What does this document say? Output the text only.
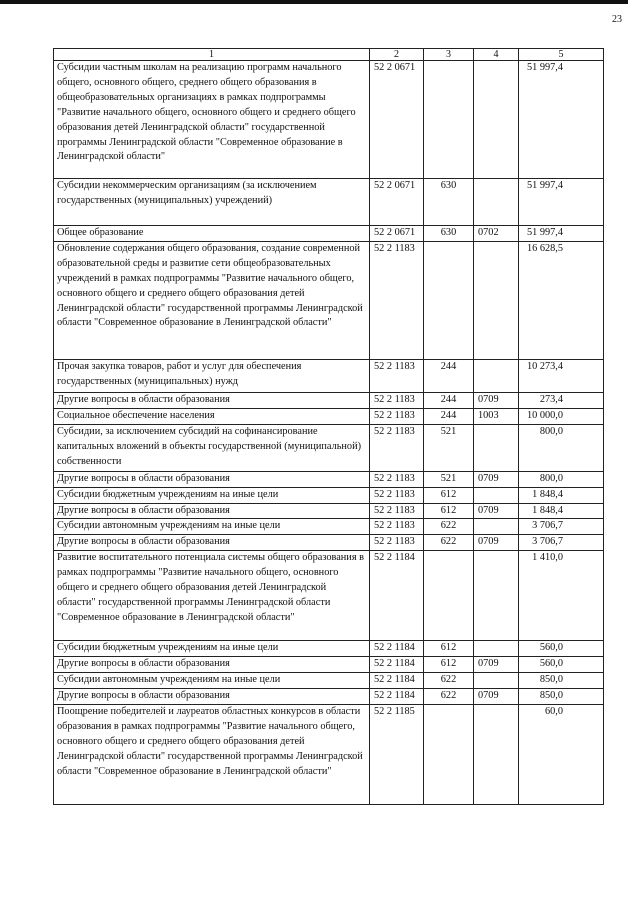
23
1	2	3	4	5
Субсидии частным школам на реализацию программ начального общего, основного общего, среднего общего образования в общеобразовательных организациях в рамках подпрограммы "Развитие начального общего, основного общего и среднего общего образования детей Ленинградской области" государственной программы Ленинградской области "Современное образование в Ленинградской области"	52 2 0671			51 997,4
Субсидии некоммерческим организациям (за исключением государственных (муниципальных) учреждений)	52 2 0671	630		51 997,4
Общее образование	52 2 0671	630	0702	51 997,4
Обновление содержания общего образования, создание современной образовательной среды и развитие сети общеобразовательных учреждений в рамках подпрограммы "Развитие начального общего, основного общего и среднего общего образования детей Ленинградской области" государственной программы Ленинградской области "Современное образование в Ленинградской области"	52 2 1183			16 628,5
Прочая закупка товаров, работ и услуг для обеспечения государственных (муниципальных) нужд	52 2 1183	244		10 273,4
Другие вопросы в области образования	52 2 1183	244	0709	273,4
Социальное обеспечение населения	52 2 1183	244	1003	10 000,0
Субсидии, за исключением субсидий на софинансирование капитальных вложений в объекты государственной (муниципальной) собственности	52 2 1183	521		800,0
Другие вопросы в области образования	52 2 1183	521	0709	800,0
Субсидии бюджетным учреждениям на иные цели	52 2 1183	612		1 848,4
Другие вопросы в области образования	52 2 1183	612	0709	1 848,4
Субсидии автономным учреждениям на иные цели	52 2 1183	622		3 706,7
Другие вопросы в области образования	52 2 1183	622	0709	3 706,7
Развитие воспитательного потенциала системы общего образования в рамках подпрограммы "Развитие начального общего, основного общего и среднего общего образования детей Ленинградской области" государственной программы Ленинградской области "Современное образование в Ленинградской области"	52 2 1184			1 410,0
Субсидии бюджетным учреждениям на иные цели	52 2 1184	612		560,0
Другие вопросы в области образования	52 2 1184	612	0709	560,0
Субсидии автономным учреждениям на иные цели	52 2 1184	622		850,0
Другие вопросы в области образования	52 2 1184	622	0709	850,0
Поощрение победителей и лауреатов областных конкурсов в области образования в рамках подпрограммы "Развитие начального общего, основного общего и среднего общего образования детей Ленинградской области" государственной программы Ленинградской области "Современное образование в Ленинградской области"	52 2 1185			60,0
